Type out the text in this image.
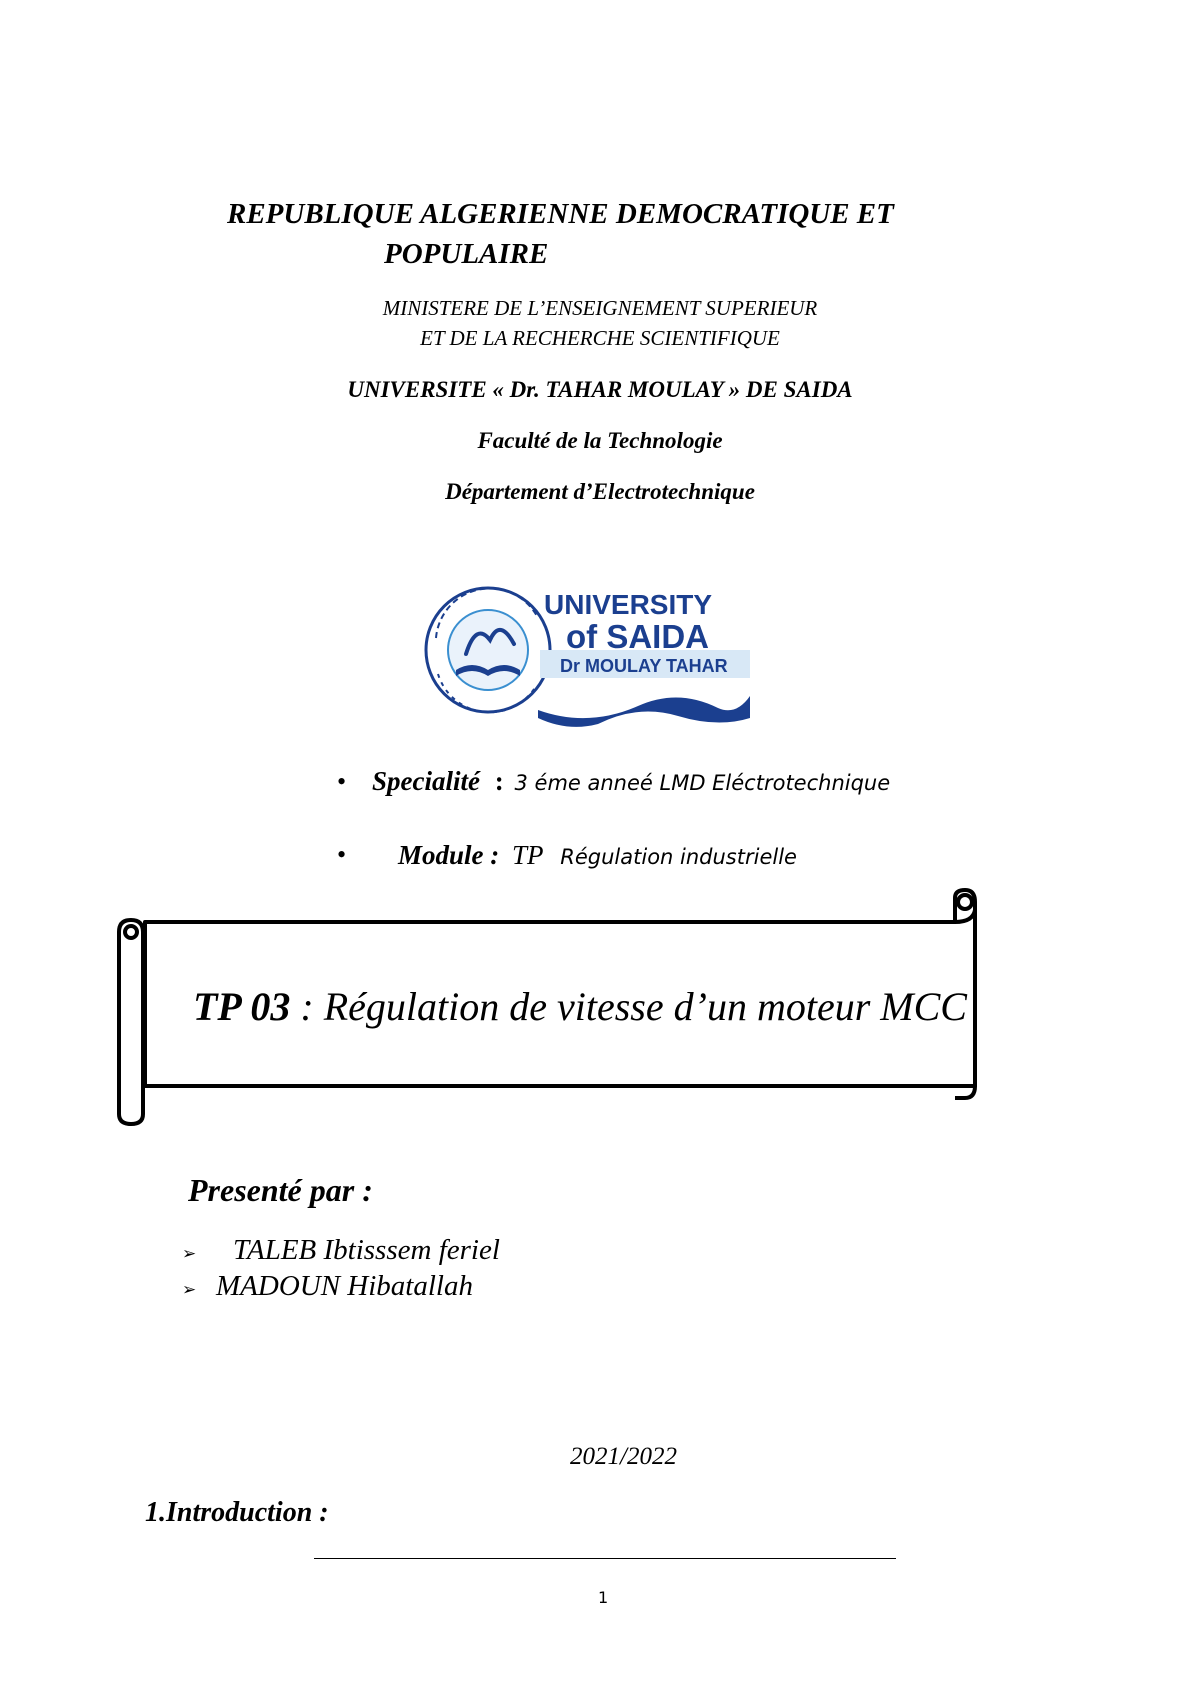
REPUBLIQUE ALGERIENNE DEMOCRATIQUE ET
POPULAIRE
MINISTERE DE L’ENSEIGNEMENT SUPERIEUR
ET DE LA RECHERCHE SCIENTIFIQUE
UNIVERSITE « Dr. TAHAR MOULAY » DE SAIDA
Faculté de la Technologie
Département d’Electrotechnique
UNIVERSITY
of SAIDA
Dr MOULAY TAHAR
• Specialité : 3 éme anneé LMD Eléctrotechnique
• Module : TP Régulation industrielle
TP 03 : Régulation de vitesse d’un moteur MCC
Presenté par :
➢ TALEB Ibtisssem feriel
➢ MADOUN Hibatallah
2021/2022
1.Introduction :
1
